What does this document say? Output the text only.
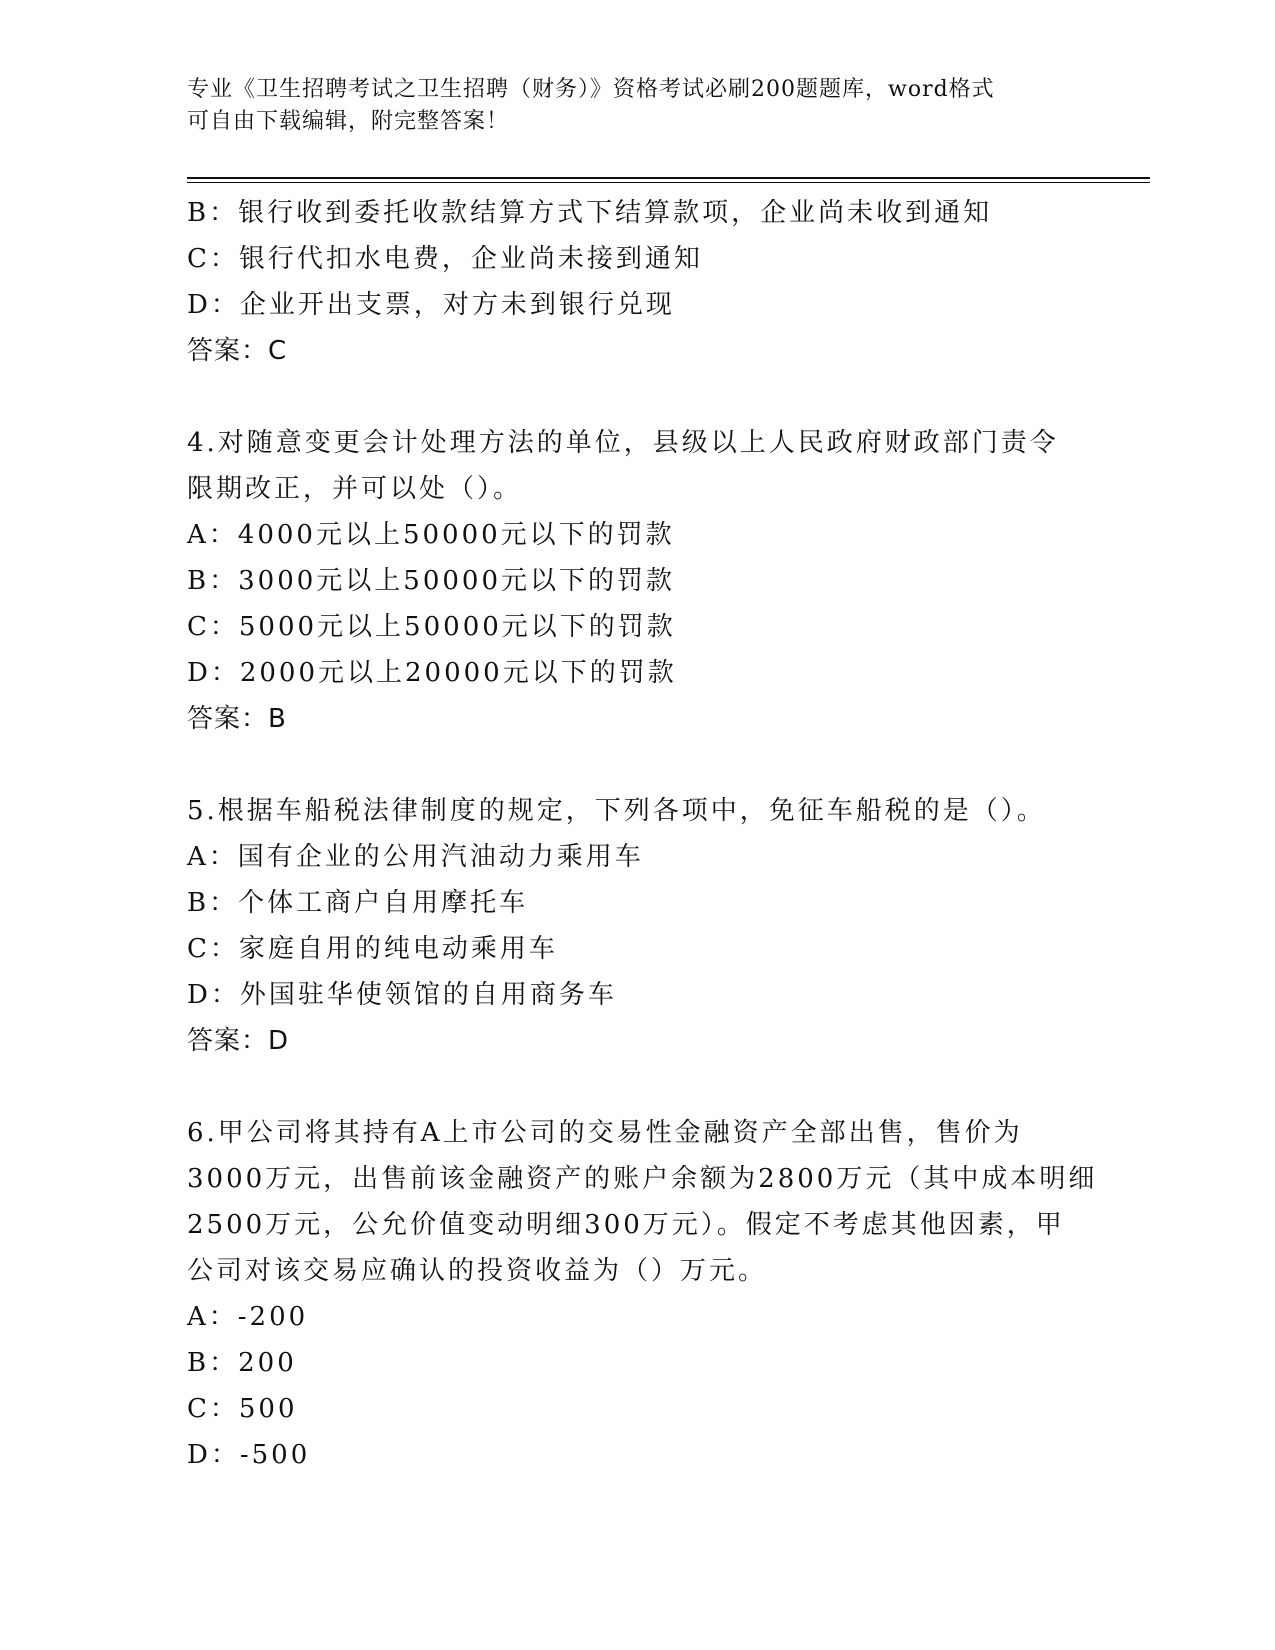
专业《卫生招聘考试之卫生招聘（财务）》资格考试必刷200题题库，word格式
可自由下载编辑，附完整答案！
B：银行收到委托收款结算方式下结算款项，企业尚未收到通知
C：银行代扣水电费，企业尚未接到通知
D：企业开出支票，对方未到银行兑现
答案：C
4.对随意变更会计处理方法的单位，县级以上人民政府财政部门责令
限期改正，并可以处（）。
A：4000元以上50000元以下的罚款
B：3000元以上50000元以下的罚款
C：5000元以上50000元以下的罚款
D：2000元以上20000元以下的罚款
答案：B
5.根据车船税法律制度的规定，下列各项中，免征车船税的是（）。
A：国有企业的公用汽油动力乘用车
B：个体工商户自用摩托车
C：家庭自用的纯电动乘用车
D：外国驻华使领馆的自用商务车
答案：D
6.甲公司将其持有A上市公司的交易性金融资产全部出售，售价为
3000万元，出售前该金融资产的账户余额为2800万元（其中成本明细
2500万元，公允价值变动明细300万元）。假定不考虑其他因素，甲
公司对该交易应确认的投资收益为（）万元。
A：-200
B：200
C：500
D：-500
